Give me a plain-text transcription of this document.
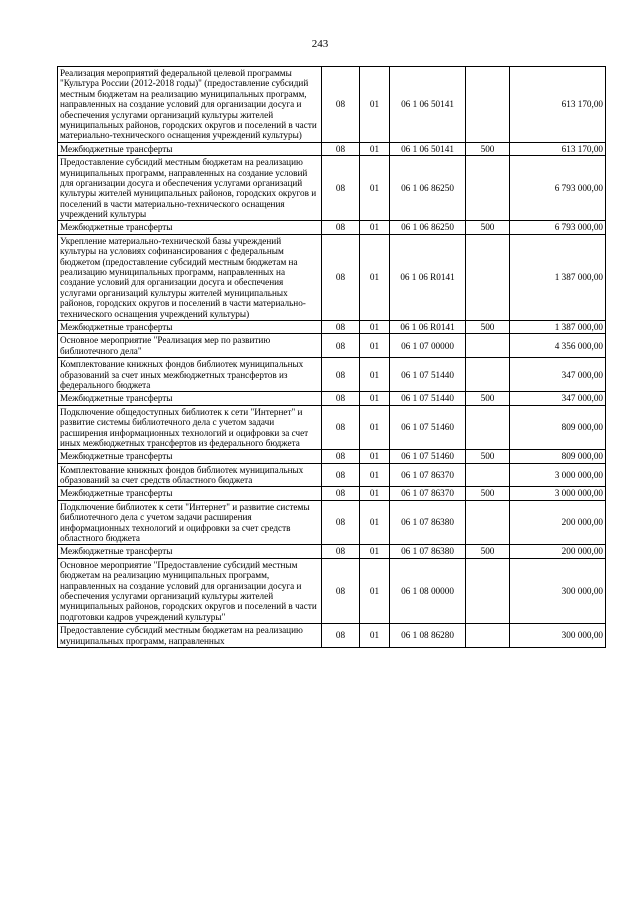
243
Реализация мероприятий федеральной целевой программы "Культура России (2012-2018 годы)" (предоставление субсидий местным бюджетам на реализацию муниципальных программ, направленных на создание условий для организации досуга и обеспечения услугами организаций культуры жителей муниципальных районов, городских округов и поселений в части материально-технического оснащения учреждений культуры)	08	01	06 1 06 50141		613 170,00
Межбюджетные трансферты	08	01	06 1 06 50141	500	613 170,00
Предоставление субсидий местным бюджетам на реализацию муниципальных программ, направленных на создание условий для организации досуга и обеспечения услугами организаций культуры жителей муниципальных районов, городских округов и поселений в части материально-технического оснащения учреждений культуры	08	01	06 1 06 86250		6 793 000,00
Межбюджетные трансферты	08	01	06 1 06 86250	500	6 793 000,00
Укрепление материально-технической базы учреждений культуры на условиях софинансирования с федеральным бюджетом (предоставление субсидий местным бюджетам на реализацию муниципальных программ, направленных на создание условий для организации досуга и обеспечения услугами организаций культуры жителей муниципальных районов, городских округов и поселений в части материально-технического оснащения учреждений культуры)	08	01	06 1 06 R0141		1 387 000,00
Межбюджетные трансферты	08	01	06 1 06 R0141	500	1 387 000,00
Основное мероприятие "Реализация мер по развитию библиотечного дела"	08	01	06 1 07 00000		4 356 000,00
Комплектование книжных фондов библиотек муниципальных образований за счет иных межбюджетных трансфертов из федерального бюджета	08	01	06 1 07 51440		347 000,00
Межбюджетные трансферты	08	01	06 1 07 51440	500	347 000,00
Подключение общедоступных библиотек к сети "Интернет" и развитие системы библиотечного дела с учетом задачи расширения информационных технологий и оцифровки за счет иных межбюджетных трансфертов из федерального бюджета	08	01	06 1 07 51460		809 000,00
Межбюджетные трансферты	08	01	06 1 07 51460	500	809 000,00
Комплектование книжных фондов библиотек муниципальных образований за счет средств областного бюджета	08	01	06 1 07 86370		3 000 000,00
Межбюджетные трансферты	08	01	06 1 07 86370	500	3 000 000,00
Подключение библиотек к сети "Интернет" и развитие системы библиотечного дела с учетом задачи расширения информационных технологий и оцифровки за счет средств областного бюджета	08	01	06 1 07 86380		200 000,00
Межбюджетные трансферты	08	01	06 1 07 86380	500	200 000,00
Основное мероприятие "Предоставление субсидий местным бюджетам на реализацию муниципальных программ, направленных на создание условий для организации досуга и обеспечения услугами организаций культуры жителей муниципальных районов, городских округов и поселений в части подготовки кадров учреждений культуры"	08	01	06 1 08 00000		300 000,00
Предоставление субсидий местным бюджетам на реализацию муниципальных программ, направленных	08	01	06 1 08 86280		300 000,00
